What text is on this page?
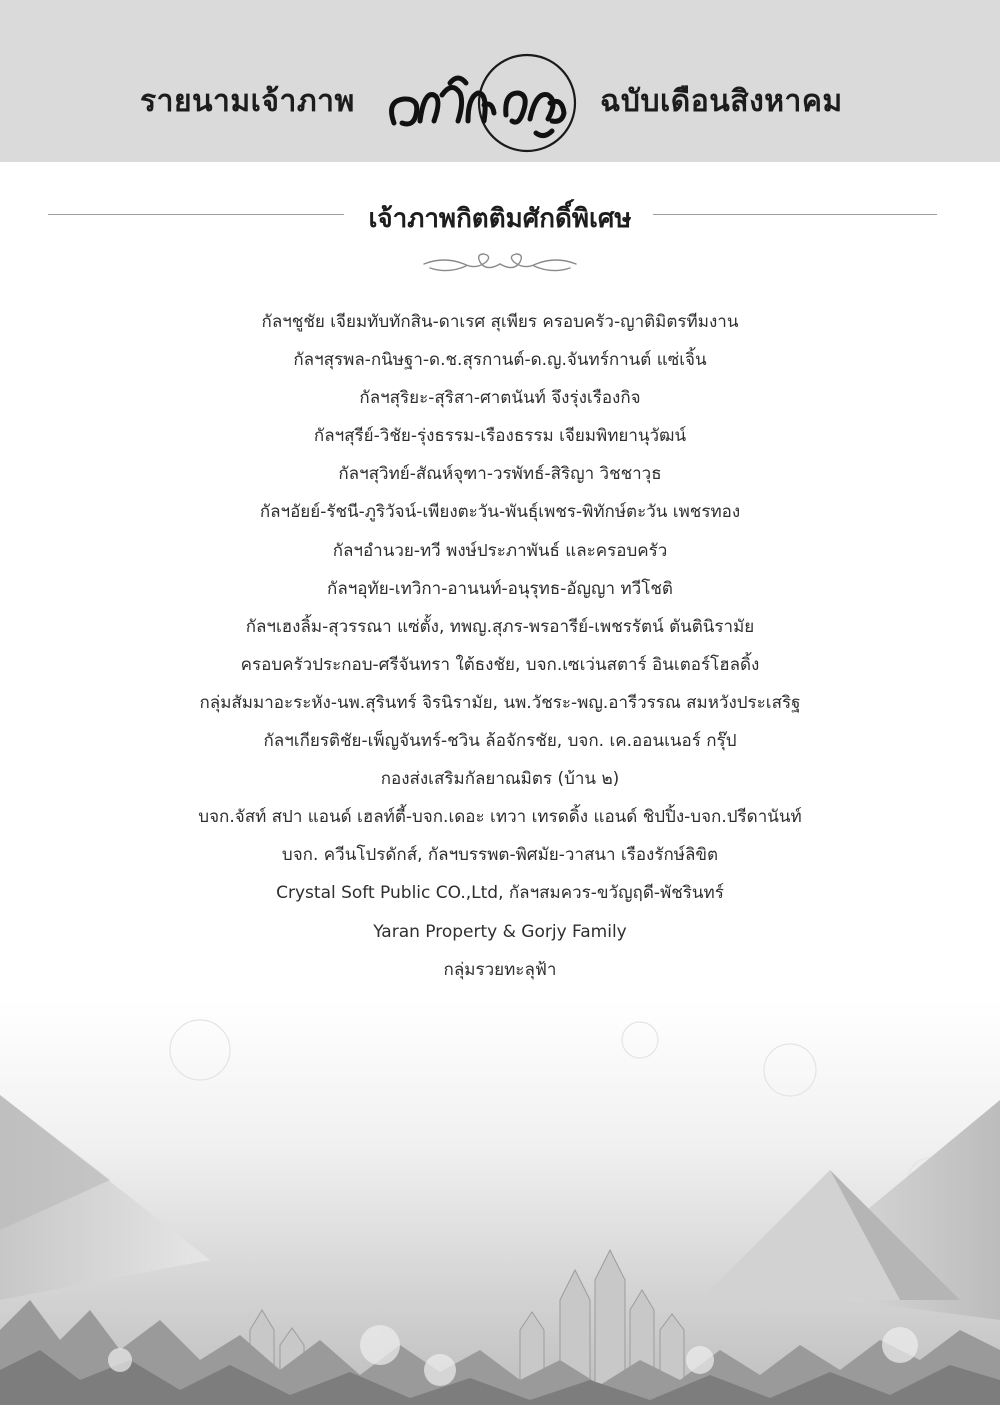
รายนามเจ้าภาพ
อยู่ใน บุญ
ฉบับเดือนสิงหาคม
เจ้าภาพกิตติมศักดิ์พิเศษ
กัลฯชูชัย เจียมทับทักสิน-ดาเรศ สุเพียร ครอบครัว-ญาติมิตรทีมงาน
กัลฯสุรพล-กนิษฐา-ด.ช.สุรกานต์-ด.ญ.จันทร์กานต์ แซ่เจิ้น
กัลฯสุริยะ-สุริสา-ศาตนันท์ จึงรุ่งเรืองกิจ
กัลฯสุรีย์-วิชัย-รุ่งธรรม-เรืองธรรม เจียมพิทยานุวัฒน์
กัลฯสุวิทย์-สัณห์จุฑา-วรพัทธ์-สิริญา วิชชาวุธ
กัลฯอัยย์-รัชนี-ภูริวัจน์-เพียงตะวัน-พันธุ์เพชร-พิทักษ์ตะวัน เพชรทอง
กัลฯอำนวย-ทวี พงษ์ประภาพันธ์ และครอบครัว
กัลฯอุทัย-เทวิกา-อานนท์-อนุรุทธ-อัญญา ทวีโชติ
กัลฯเฮงลิ้ม-สุวรรณา แซ่ตั้ง, ทพญ.สุภร-พรอารีย์-เพชรรัตน์ ตันตินิรามัย
ครอบครัวประกอบ-ศรีจันทรา ใต้ธงชัย, บจก.เซเว่นสตาร์ อินเตอร์โฮลดิ้ง
กลุ่มสัมมาอะระหัง-นพ.สุรินทร์ จิรนิรามัย, นพ.วัชระ-พญ.อารีวรรณ สมหวังประเสริฐ
กัลฯเกียรติชัย-เพ็ญจันทร์-ชวิน ล้อจักรชัย, บจก. เค.ออนเนอร์ กรุ๊ป
กองส่งเสริมกัลยาณมิตร (บ้าน ๒)
บจก.จัสท์ สปา แอนด์ เฮลท์ตี้-บจก.เดอะ เทวา เทรดดิ้ง แอนด์ ชิปปิ้ง-บจก.ปรีดานันท์
บจก. ควีนโปรดักส์, กัลฯบรรพต-พิศมัย-วาสนา เรืองรักษ์ลิขิต
Crystal Soft Public CO.,Ltd, กัลฯสมควร-ขวัญฤดี-พัชรินทร์
Yaran Property & Gorjy Family
กลุ่มรวยทะลุฟ้า
